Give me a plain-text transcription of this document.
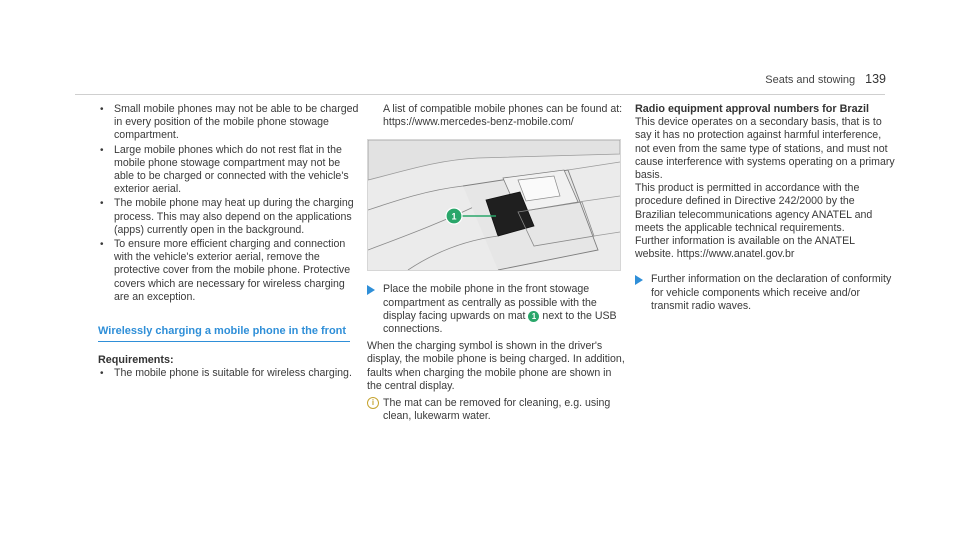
Seats and stowing 139
• Small mobile phones may not be able to be charged in every position of the mobile phone stowage compartment.
• Large mobile phones which do not rest flat in the mobile phone stowage compartment may not be able to be charged or connected with the vehicle's exterior aerial.
• The mobile phone may heat up during the charging process. This may also depend on the applications (apps) currently open in the background.
• To ensure more efficient charging and connection with the vehicle's exterior aerial, remove the protective cover from the mobile phone. Protective covers which are necessary for wireless charging are an exception.
Wirelessly charging a mobile phone in the front
Requirements:
• The mobile phone is suitable for wireless charging.

A list of compatible mobile phones can be found at: https://www.mercedes-benz-mobile.com/

1
Place the mobile phone in the front stowage compartment as centrally as possible with the display facing upwards on mat 1 next to the USB connections.

When the charging symbol is shown in the driver's display, the mobile phone is being charged. In addition, faults when charging the mobile phone are shown in the central display.

i The mat can be removed for cleaning, e.g. using clean, lukewarm water.
Radio equipment approval numbers for Brazil

This device operates on a secondary basis, that is to say it has no protection against harmful interference, not even from the same type of stations, and must not cause interference with systems operating on a primary basis.

This product is permitted in accordance with the procedure defined in Directive 242/2000 by the Brazilian telecommunications agency ANATEL and meets the applicable technical requirements.

Further information is available on the ANATEL website. https://www.anatel.gov.br

Further information on the declaration of conformity for vehicle components which receive and/or transmit radio waves.
